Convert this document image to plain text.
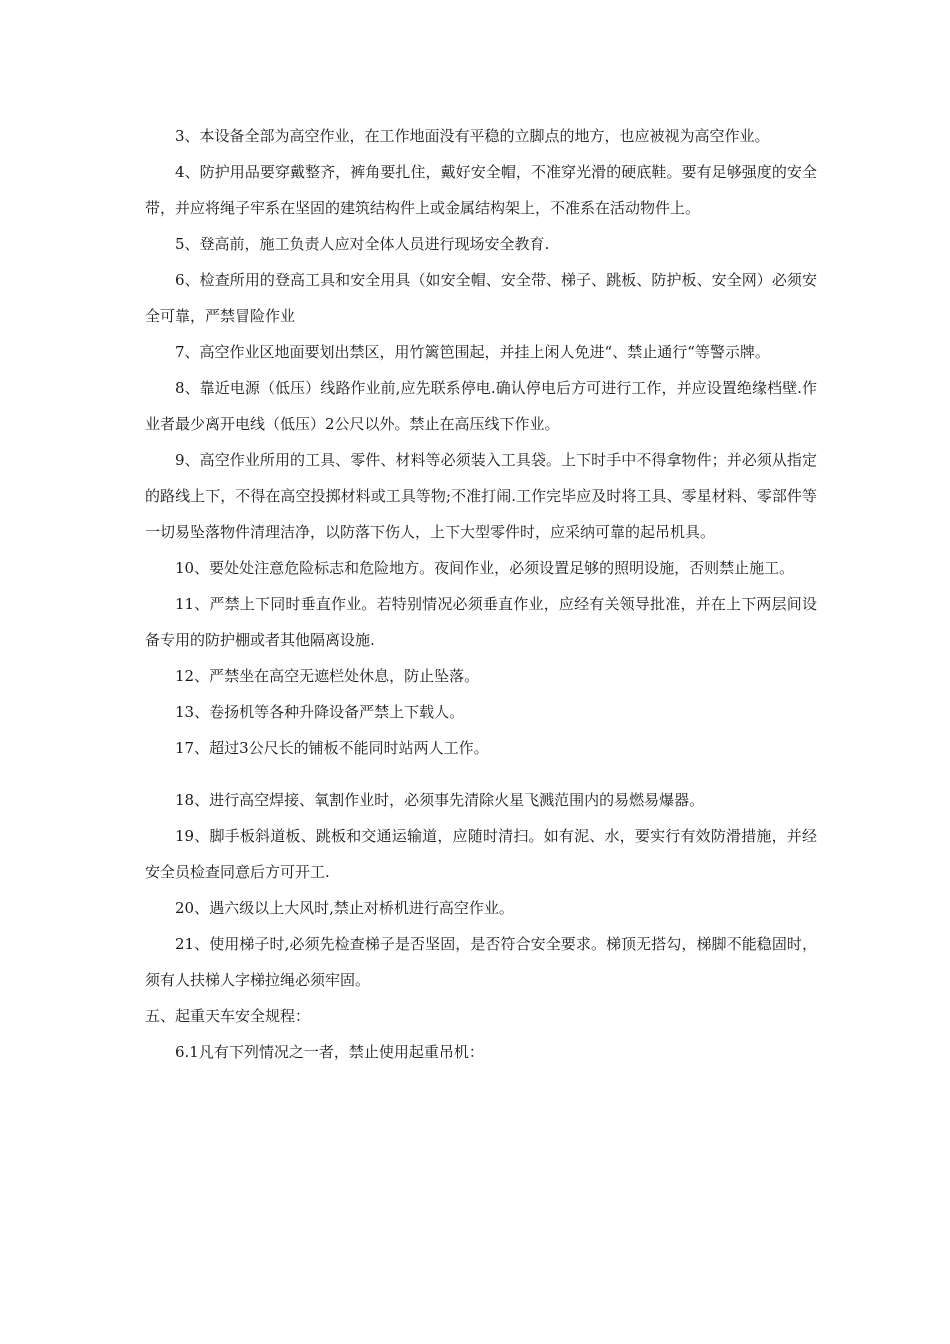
3、本设备全部为高空作业，在工作地面没有平稳的立脚点的地方，也应被视为高空作业。

4、防护用品要穿戴整齐，裤角要扎住，戴好安全帽，不准穿光滑的硬底鞋。要有足够强度的安全带，并应将绳子牢系在坚固的建筑结构件上或金属结构架上，不准系在活动物件上。

5、登高前，施工负责人应对全体人员进行现场安全教育.

6、检查所用的登高工具和安全用具（如安全帽、安全带、梯子、跳板、防护板、安全网）必须安全可靠，严禁冒险作业

7、高空作业区地面要划出禁区，用竹篱笆围起，并挂上闲人免进“、禁止通行“等警示牌。

8、靠近电源（低压）线路作业前,应先联系停电.确认停电后方可进行工作，并应设置绝缘档壁.作业者最少离开电线（低压）2公尺以外。禁止在高压线下作业。

9、高空作业所用的工具、零件、材料等必须装入工具袋。上下时手中不得拿物件；并必须从指定的路线上下，不得在高空投掷材料或工具等物;不准打闹.工作完毕应及时将工具、零星材料、零部件等一切易坠落物件清理洁净，以防落下伤人，上下大型零件时，应采纳可靠的起吊机具。

10、要处处注意危险标志和危险地方。夜间作业，必须设置足够的照明设施，否则禁止施工。

11、严禁上下同时垂直作业。若特别情况必须垂直作业，应经有关领导批准，并在上下两层间设备专用的防护棚或者其他隔离设施.

12、严禁坐在高空无遮栏处休息，防止坠落。

13、卷扬机等各种升降设备严禁上下载人。

17、超过3公尺长的铺板不能同时站两人工作。

18、进行高空焊接、氧割作业时，必须事先清除火星飞溅范围内的易燃易爆器。

19、脚手板斜道板、跳板和交通运输道，应随时清扫。如有泥、水，要实行有效防滑措施，并经安全员检查同意后方可开工.

20、遇六级以上大风时,禁止对桥机进行高空作业。

21、使用梯子时,必须先检查梯子是否坚固，是否符合安全要求。梯顶无搭勾，梯脚不能稳固时，须有人扶梯人字梯拉绳必须牢固。

五、起重天车安全规程：

6.1凡有下列情况之一者，禁止使用起重吊机：
